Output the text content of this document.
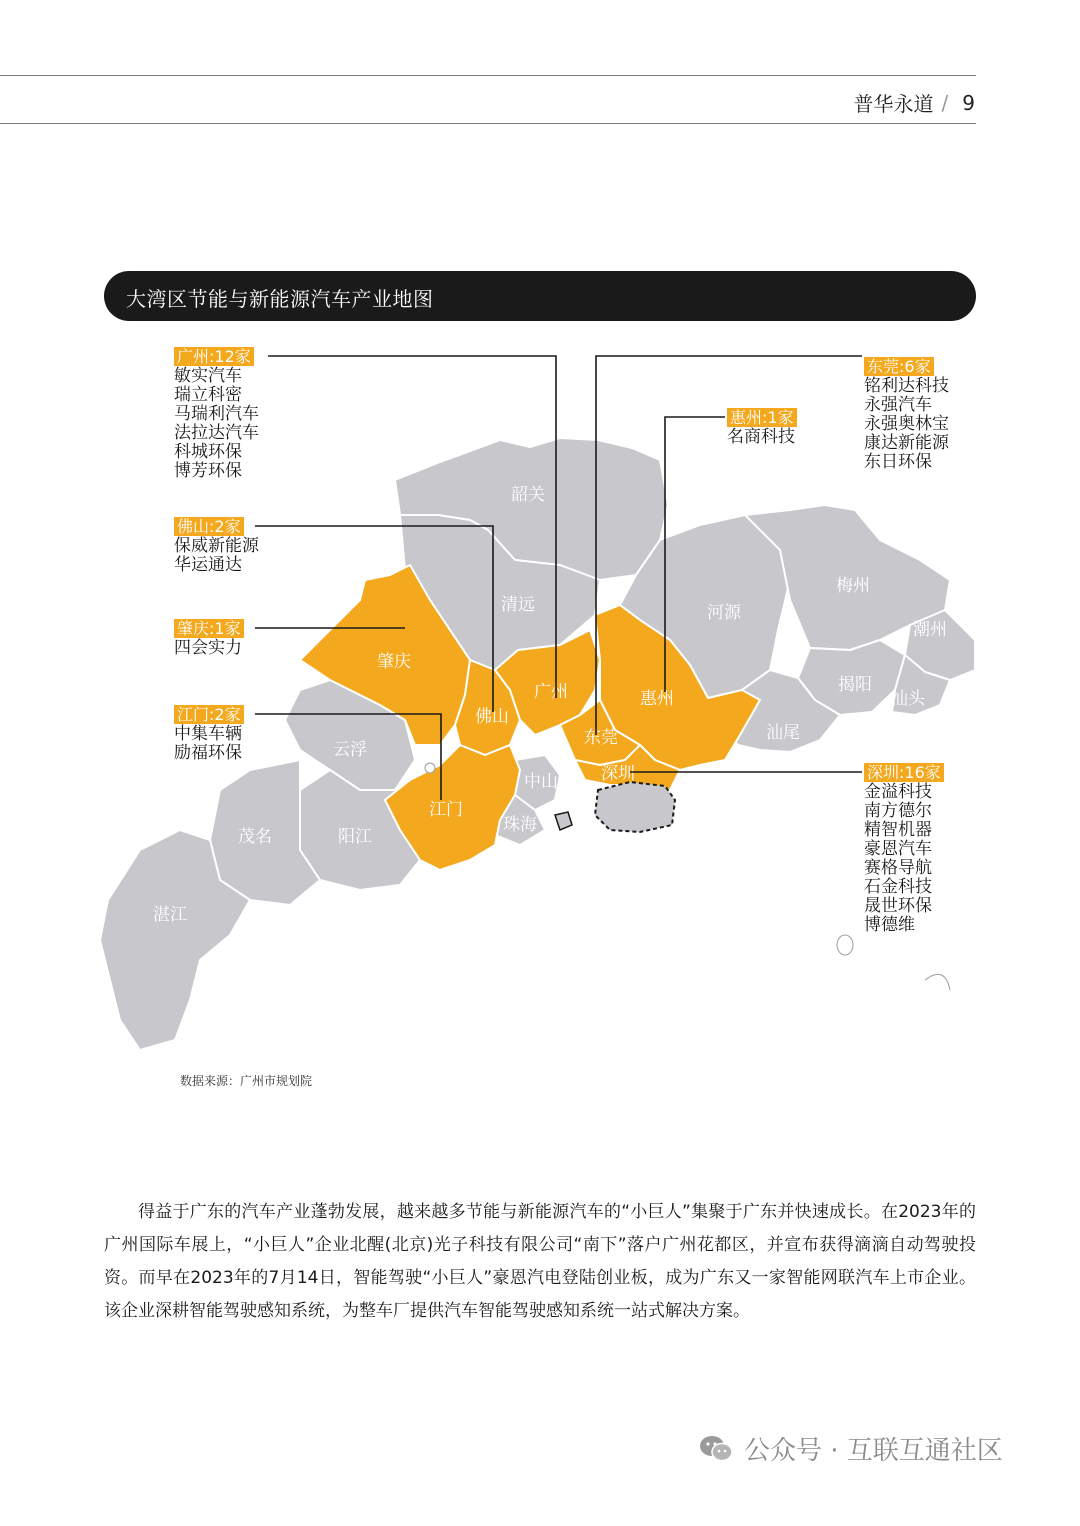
普华永道 / 9
大湾区节能与新能源汽车产业地图
韶关
清远	河源
梅州
潮州
揭阳
汕头
汕尾
肇庆
佛山
广州	惠州
东莞
深圳
中山
珠海
江门
云浮
茂名	阳江
湛江
广州:12家
敏实汽车
瑞立科密
马瑞利汽车
法拉达汽车
科城环保
博芳环保
佛山:2家
保威新能源
华运通达
肇庆:1家
四会实力
江门:2家
中集车辆
励福环保
东莞:6家
铭利达科技
永强汽车
永强奥林宝
康达新能源
东日环保
惠州:1家
名商科技
深圳:16家
金溢科技
南方德尔
精智机器
豪恩汽车
赛格导航
石金科技
晟世环保
博德维
数据来源：广州市规划院

得益于广东的汽车产业蓬勃发展，越来越多节能与新能源汽车的“小巨人”集聚于广东并快速成长。在2023年的广州国际车展上，“小巨人”企业北醒(北京)光子科技有限公司“南下”落户广州花都区，并宣布获得滴滴自动驾驶投资。而早在2023年的7月14日，智能驾驶“小巨人”豪恩汽电登陆创业板，成为广东又一家智能网联汽车上市企业。该企业深耕智能驾驶感知系统，为整车厂提供汽车智能驾驶感知系统一站式解决方案。

公众号 · 互联互通社区
